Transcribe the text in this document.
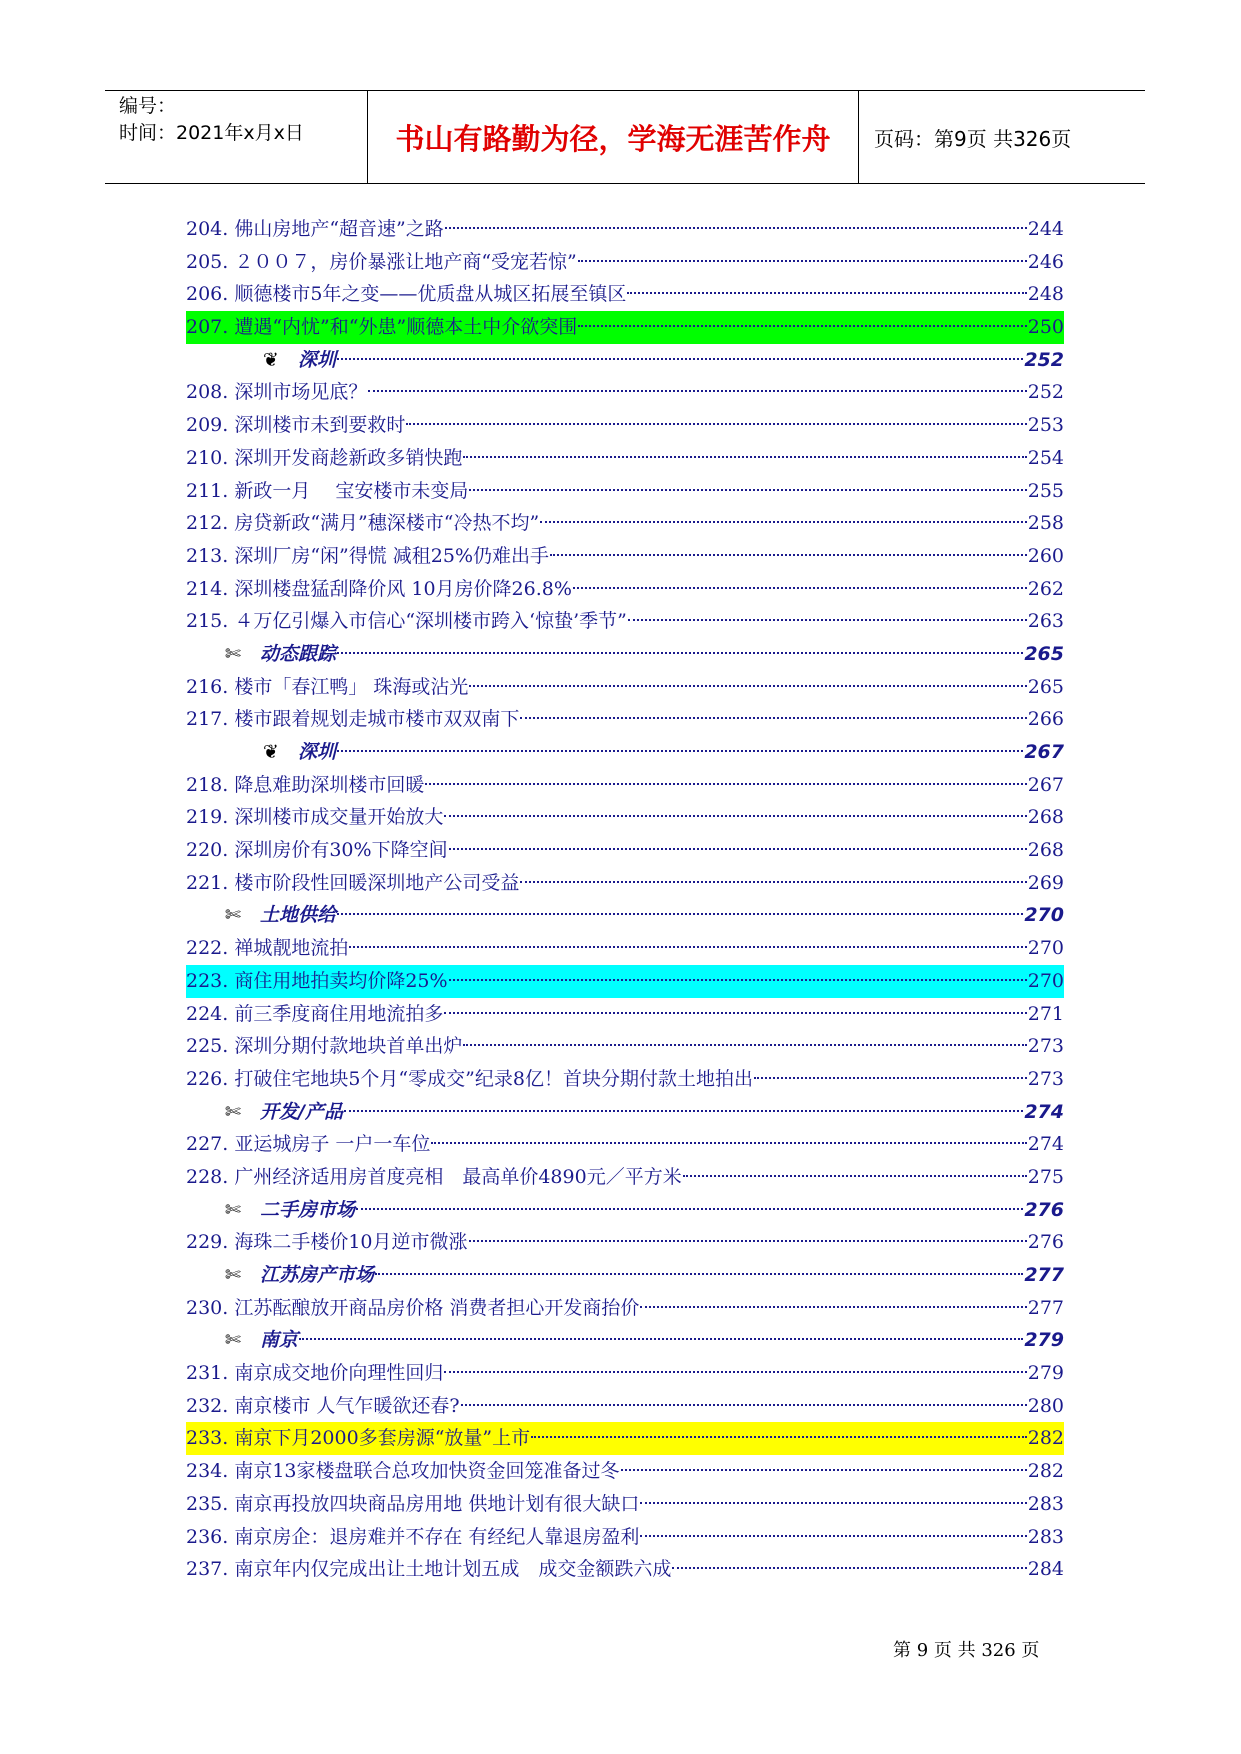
编号：
时间：2021年x月x日	书山有路勤为径，学海无涯苦作舟	页码：第9页 共326页
204. 佛山房地产“超音速”之路	244
205. ２００７，房价暴涨让地产商“受宠若惊”	246
206. 顺德楼市5年之变——优质盘从城区拓展至镇区	248
207. 遭遇“内忧”和“外患”顺德本土中介欲突围	250
❦ 深圳	252
208. 深圳市场见底？	252
209. 深圳楼市未到要救时	253
210. 深圳开发商趁新政多销快跑	254
211. 新政一月　 宝安楼市未变局	255
212. 房贷新政“满月”穗深楼市“冷热不均”	258
213. 深圳厂房“闲”得慌 减租25%仍难出手	260
214. 深圳楼盘猛刮降价风 10月房价降26.8%	262
215. ４万亿引爆入市信心“深圳楼市跨入‘惊蛰’季节”	263
✄ 动态跟踪	265
216. 楼市「春江鸭」 珠海或沾光	265
217. 楼市跟着规划走城市楼市双双南下	266
❦ 深圳	267
218. 降息难助深圳楼市回暖	267
219. 深圳楼市成交量开始放大	268
220. 深圳房价有30%下降空间	268
221. 楼市阶段性回暖深圳地产公司受益	269
✄ 土地供给	270
222. 禅城靓地流拍	270
223. 商住用地拍卖均价降25%	270
224. 前三季度商住用地流拍多	271
225. 深圳分期付款地块首单出炉	273
226. 打破住宅地块5个月“零成交”纪录8亿！首块分期付款土地拍出	273
✄ 开发/产品	274
227. 亚运城房子 一户一车位	274
228. 广州经济适用房首度亮相　最高单价4890元／平方米	275
✄ 二手房市场	276
229. 海珠二手楼价10月逆市微涨	276
✄ 江苏房产市场	277
230. 江苏酝酿放开商品房价格 消费者担心开发商抬价	277
✄ 南京	279
231. 南京成交地价向理性回归	279
232. 南京楼市 人气乍暖欲还春?	280
233. 南京下月2000多套房源“放量”上市	282
234. 南京13家楼盘联合总攻加快资金回笼准备过冬	282
235. 南京再投放四块商品房用地 供地计划有很大缺口	283
236. 南京房企：退房难并不存在 有经纪人靠退房盈利	283
237. 南京年内仅完成出让土地计划五成　成交金额跌六成	284
第 9 页 共 326 页
